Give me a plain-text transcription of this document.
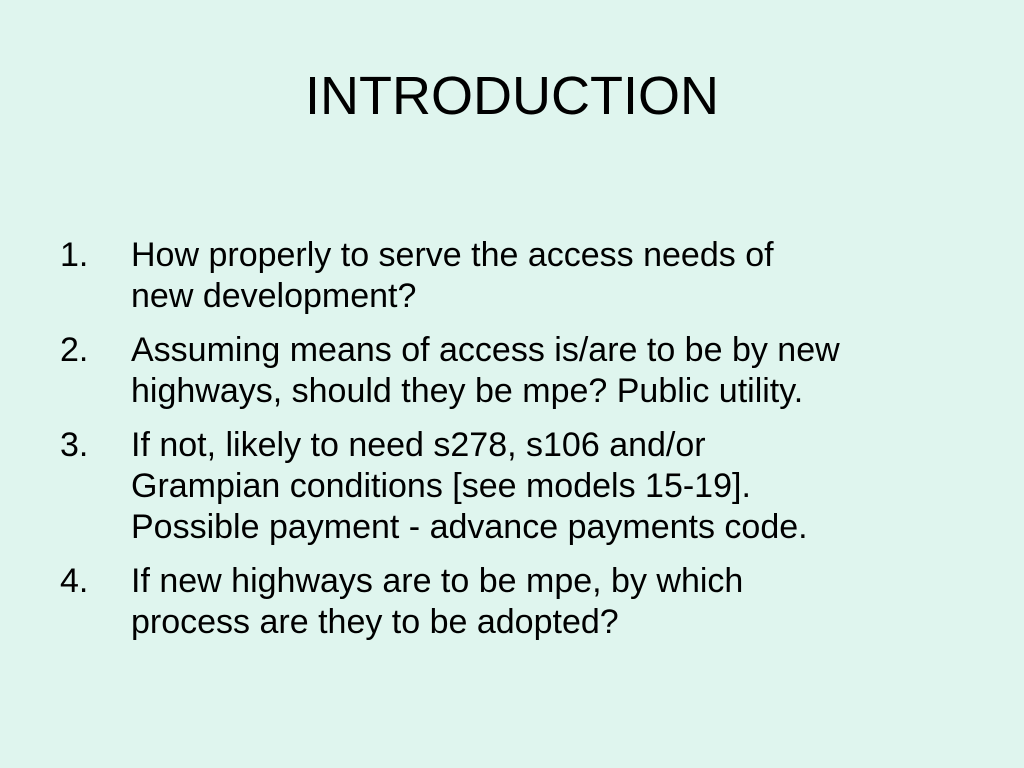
INTRODUCTION
1.	How properly to serve the access needs of
new development?
2.	Assuming means of access is/are to be by new
highways, should they be mpe? Public utility.
3.	If not, likely to need s278, s106 and/or
Grampian conditions [see models 15-19].
Possible payment - advance payments code.
4.	If new highways are to be mpe, by which
process are they to be adopted?
